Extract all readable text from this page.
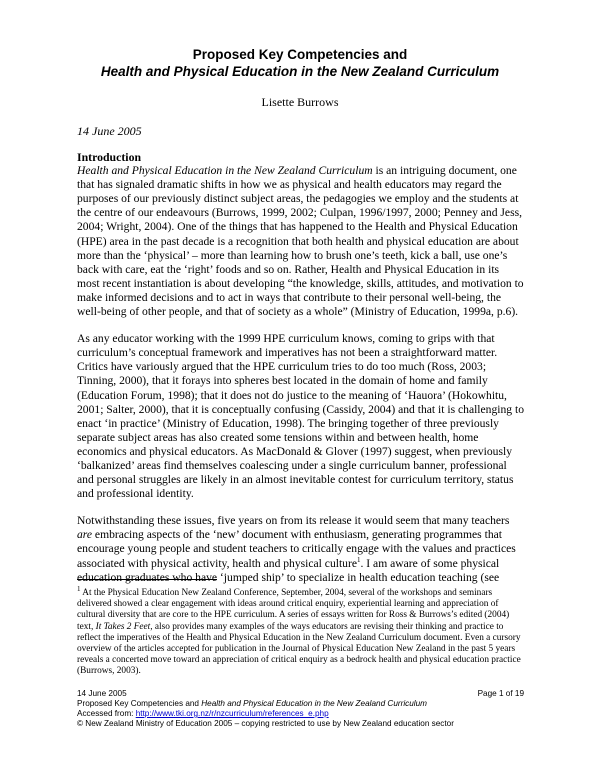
Proposed Key Competencies and
Health and Physical Education in the New Zealand Curriculum
Lisette Burrows
14 June 2005
Introduction

Health and Physical Education in the New Zealand Curriculum is an intriguing document, one that has signaled dramatic shifts in how we as physical and health educators may regard the purposes of our previously distinct subject areas, the pedagogies we employ and the students at the centre of our endeavours (Burrows, 1999, 2002; Culpan, 1996/1997, 2000; Penney and Jess, 2004; Wright, 2004). One of the things that has happened to the Health and Physical Education (HPE) area in the past decade is a recognition that both health and physical education are about more than the ‘physical’ – more than learning how to brush one’s teeth, kick a ball, use one’s back with care, eat the ‘right’ foods and so on. Rather, Health and Physical Education in its most recent instantiation is about developing “the knowledge, skills, attitudes, and motivation to make informed decisions and to act in ways that contribute to their personal well-being, the well-being of other people, and that of society as a whole” (Ministry of Education, 1999a, p.6).

As any educator working with the 1999 HPE curriculum knows, coming to grips with that curriculum’s conceptual framework and imperatives has not been a straightforward matter. Critics have variously argued that the HPE curriculum tries to do too much (Ross, 2003; Tinning, 2000), that it forays into spheres best located in the domain of home and family (Education Forum, 1998); that it does not do justice to the meaning of ‘Hauora’ (Hokowhitu, 2001; Salter, 2000), that it is conceptually confusing (Cassidy, 2004) and that it is challenging to enact ‘in practice’ (Ministry of Education, 1998). The bringing together of three previously separate subject areas has also created some tensions within and between health, home economics and physical educators. As MacDonald & Glover (1997) suggest, when previously ‘balkanized’ areas find themselves coalescing under a single curriculum banner, professional and personal struggles are likely in an almost inevitable contest for curriculum territory, status and professional identity.

Notwithstanding these issues, five years on from its release it would seem that many teachers are embracing aspects of the ‘new’ document with enthusiasm, generating programmes that encourage young people and student teachers to critically engage with the values and practices associated with physical activity, health and physical culture$^1$. I am aware of some physical education graduates who have ‘jumped ship’ to specialize in health education teaching (see

$^1$ At the Physical Education New Zealand Conference, September, 2004, several of the workshops and seminars delivered showed a clear engagement with ideas around critical enquiry, experiential learning and appreciation of cultural diversity that are core to the HPE curriculum. A series of essays written for Ross & Burrows’s edited (2004) text, It Takes 2 Feet, also provides many examples of the ways educators are revising their thinking and practice to reflect the imperatives of the Health and Physical Education in the New Zealand Curriculum document. Even a cursory overview of the articles accepted for publication in the Journal of Physical Education New Zealand in the past 5 years reveals a concerted move toward an appreciation of critical enquiry as a bedrock health and physical education practice (Burrows, 2003).
14 June 2005	Page 1 of 19
Proposed Key Competencies and Health and Physical Education in the New Zealand Curriculum
Accessed from: http://www.tki.org.nz/r/nzcurriculum/references_e.php
© New Zealand Ministry of Education 2005 – copying restricted to use by New Zealand education sector
